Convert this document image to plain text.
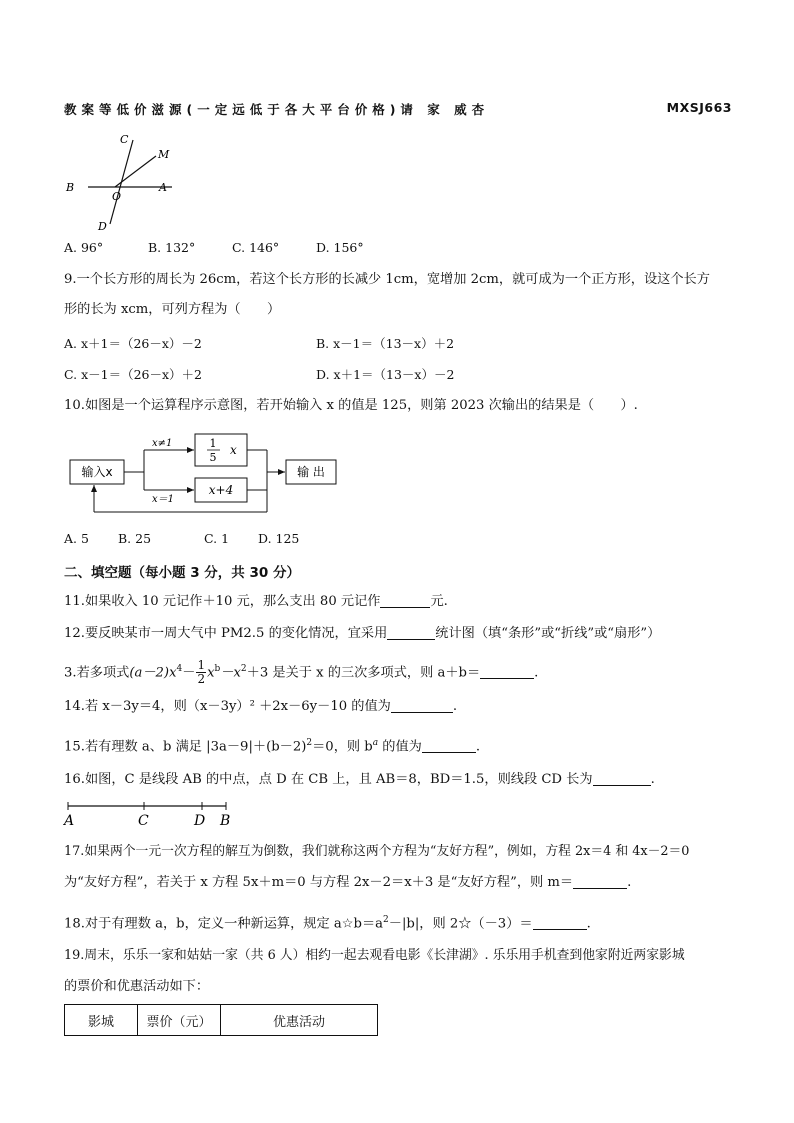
教案等低价滋源(一定远低于各大平台价格)请 家 威杏	MXSJ663
C
M
B
O
A
D
A. 96°	B. 132°	C. 146°	D. 156°
9.一个长方形的周长为 26cm，若这个长方形的长减少 1cm，宽增加 2cm，就可成为一个正方形，设这个长方
形的长为 xcm，可列方程为（　　）
A. x＋1＝（26－x）－2	B. x－1＝（13－x）＋2
C. x－1＝（26－x）＋2	D. x＋1＝（13－x）－2
10.如图是一个运算程序示意图，若开始输入 x 的值是 125，则第 2023 次输出的结果是（　　）.
输入x
1
5
x
x+4
输 出
x≠1
x＝1
A. 5 B. 25	C. 1 D. 125
二、填空题（每小题 3 分，共 30 分）
11.如果收入 10 元记作＋10 元，那么支出 80 元记作	元.
12.要反映某市一周大气中 PM2.5 的变化情况，宜采用	统计图（填“条形”或“折线”或“扇形”）
3.若多项式$(a-2)x^4- \frac{1}{2} x^b-x^2+3$ 是关于 x 的三次多项式，则 a＋b＝	.
14.若 x－3y＝4，则（x－3y）² ＋2x－6y－10 的值为	.
15.若有理数 a、b 满足 $|3a-9|+(b-2)^2=0$，则 $b^a$ 的值为	.
16.如图，C 是线段 AB 的中点，点 D 在 CB 上，且 AB＝8，BD＝1.5，则线段 CD 长为	.
A	C	D B
17.如果两个一元一次方程的解互为倒数，我们就称这两个方程为“友好方程”，例如，方程 2x＝4 和 4x－2＝0
为“友好方程”，若关于 x 方程 5x＋m＝0 与方程 2x－2＝x＋3 是“友好方程”，则 m＝	.
18.对于有理数 a，b，定义一种新运算，规定 $a☆b=a^2-|b|$，则 2☆（－3）＝	.
19.周末，乐乐一家和姑姑一家（共 6 人）相约一起去观看电影《长津湖》. 乐乐用手机查到他家附近两家影城
的票价和优惠活动如下：
影城	票价（元）	优惠活动
